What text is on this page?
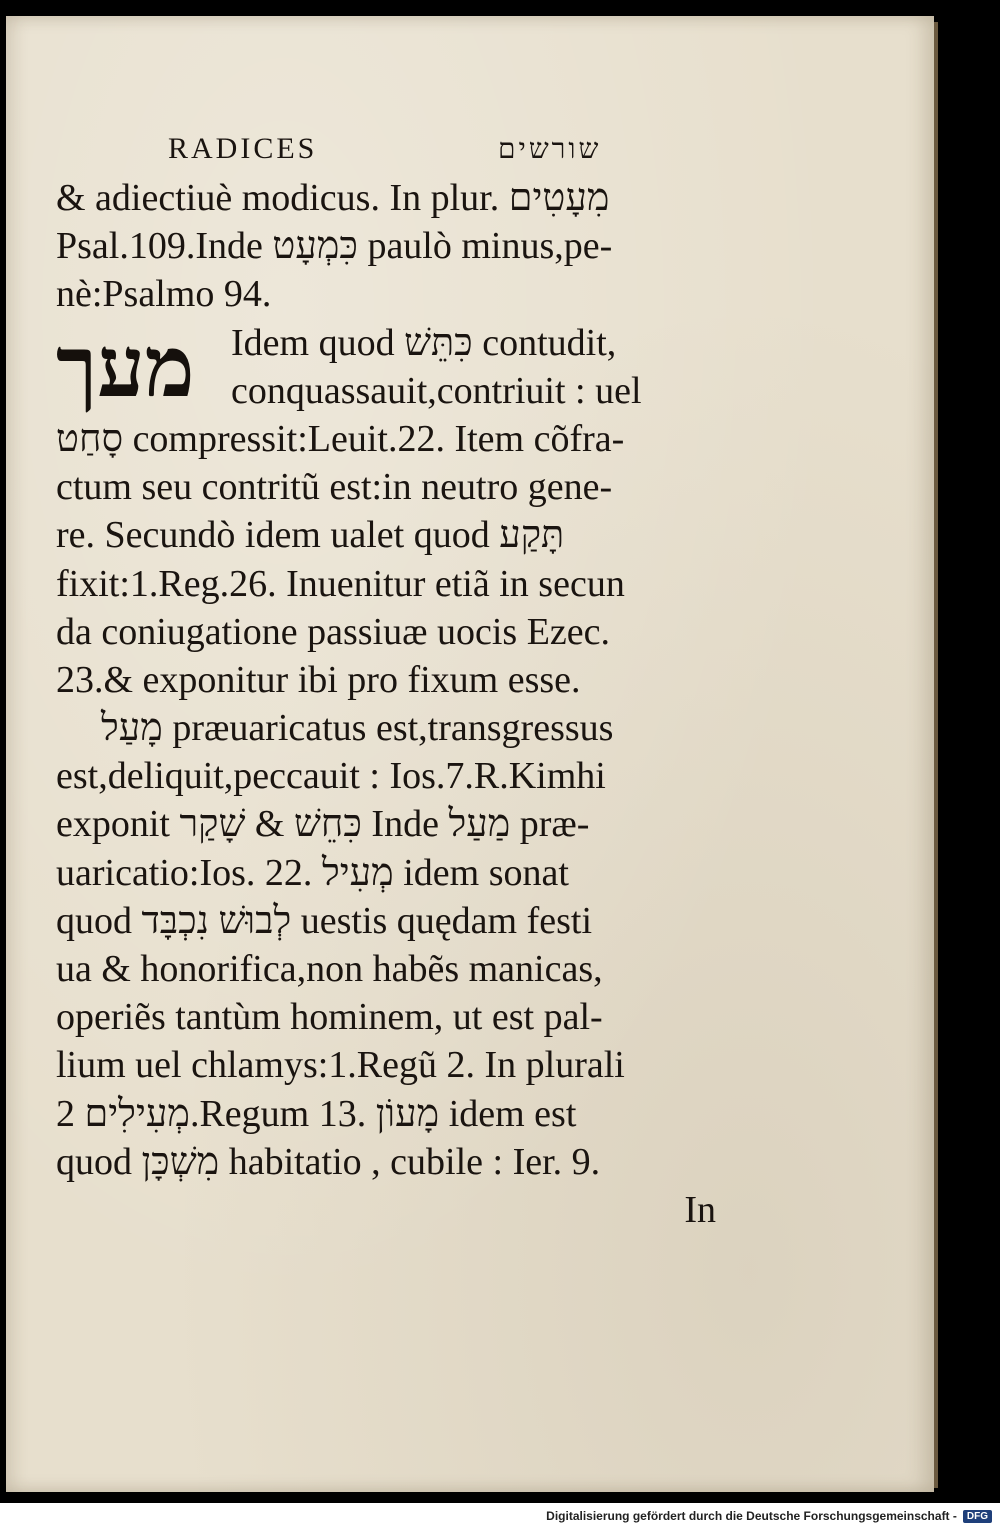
RADICES	שורשים
מעך
& adiectiuè modicus. In plur. מִעָטִים
Psal.109.Inde כִּמְעָט paulò minus,pe-
nè:Psalmo 94.
Idem quod כִּתֵּשׁ contudit,
conquassauit,contriuit : uel
סָחַט compressit:Leuit.22. Item cõfra-
ctum seu contritũ est:in neutro gene-
re. Secundò idem ualet quod תָּקַע
fixit:1.Reg.26. Inuenitur etiã in secun
da coniugatione passiuæ uocis Ezec.
23.& exponitur ibi pro fixum esse.
מָעַל præuaricatus est,transgressus
est,deliquit,peccauit : Ios.7.R.Kimhi
exponit כִּחֵשׁ & שָׁקַר Inde מַעַל præ-
uaricatio:Ios. 22. מְעִיל idem sonat
quod לְבוּשׁ נִכְבָּד uestis quędam festi
ua & honorifica,non habẽs manicas,
operiẽs tantùm hominem, ut est pal-
lium uel chlamys:1.Regũ 2. In plurali
מְעִילִים 2.Regum 13. מָעוֹן idem est
quod מִשְׁכָּן habitatio , cubile : Ier. 9.
In
Digitalisierung gefördert durch die Deutsche Forschungsgemeinschaft -	DFG
